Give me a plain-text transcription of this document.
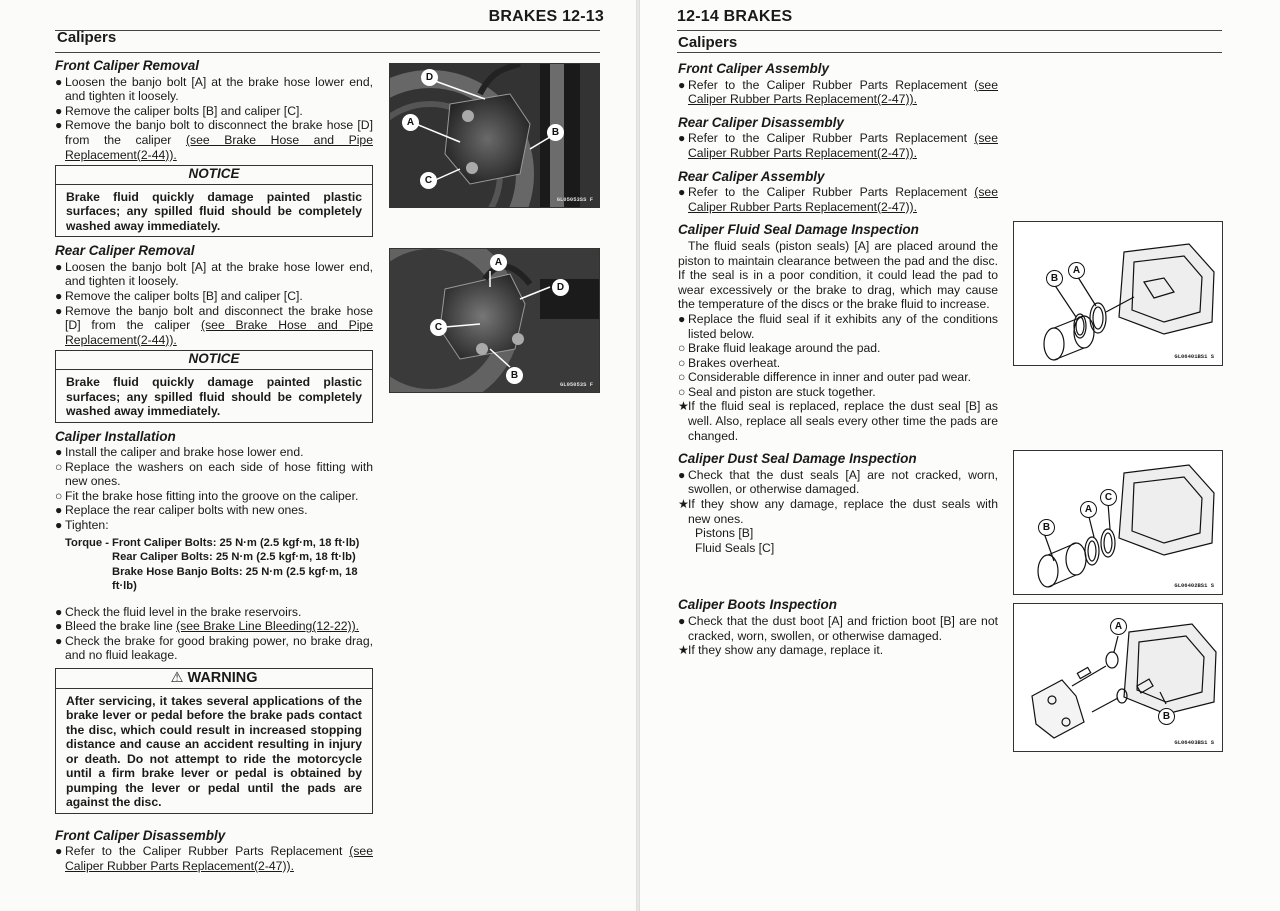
BRAKES 12-13
Calipers
Front Caliper Removal
● Loosen the banjo bolt [A] at the brake hose lower end, and tighten it loosely.
● Remove the caliper bolts [B] and caliper [C].
● Remove the banjo bolt to disconnect the brake hose [D] from the caliper (see Brake Hose and Pipe Replacement(2-44)).
NOTICE
Brake fluid quickly damage painted plastic surfaces; any spilled fluid should be completely washed away immediately.
Rear Caliper Removal
● Loosen the banjo bolt [A] at the brake hose lower end, and tighten it loosely.
● Remove the caliper bolts [B] and caliper [C].
● Remove the banjo bolt and disconnect the brake hose [D] from the caliper (see Brake Hose and Pipe Replacement(2-44)).
NOTICE
Brake fluid quickly damage painted plastic surfaces; any spilled fluid should be completely washed away immediately.
Caliper Installation
● Install the caliper and brake hose lower end.
○ Replace the washers on each side of hose fitting with new ones.
○ Fit the brake hose fitting into the groove on the caliper.
● Replace the rear caliper bolts with new ones.
● Tighten:
Torque - Front Caliper Bolts: 25 N·m (2.5 kgf·m, 18 ft·lb)
Rear Caliper Bolts: 25 N·m (2.5 kgf·m, 18 ft·lb)
Brake Hose Banjo Bolts: 25 N·m (2.5 kgf·m, 18 ft·lb)
● Check the fluid level in the brake reservoirs.
● Bleed the brake line (see Brake Line Bleeding(12-22)).
● Check the brake for good braking power, no brake drag, and no fluid leakage.
⚠ WARNING
After servicing, it takes several applications of the brake lever or pedal before the brake pads contact the disc, which could result in increased stopping distance and cause an accident resulting in injury or death. Do not attempt to ride the motorcycle until a firm brake lever or pedal is obtained by pumping the lever or pedal until the pads are against the disc.
Front Caliper Disassembly
● Refer to the Caliper Rubber Parts Replacement (see Caliper Rubber Parts Replacement(2-47)).
D
A
B
C
GL05053SS F
A
D
C
B
GL05053S F
12-14 BRAKES
Calipers
Front Caliper Assembly
● Refer to the Caliper Rubber Parts Replacement (see Caliper Rubber Parts Replacement(2-47)).
Rear Caliper Disassembly
● Refer to the Caliper Rubber Parts Replacement (see Caliper Rubber Parts Replacement(2-47)).
Rear Caliper Assembly
● Refer to the Caliper Rubber Parts Replacement (see Caliper Rubber Parts Replacement(2-47)).
Caliper Fluid Seal Damage Inspection
The fluid seals (piston seals) [A] are placed around the piston to maintain clearance between the pad and the disc. If the seal is in a poor condition, it could lead the pad to wear excessively or the brake to drag, which may cause the temperature of the discs or the brake fluid to increase.
● Replace the fluid seal if it exhibits any of the conditions listed below.
○ Brake fluid leakage around the pad.
○ Brakes overheat.
○ Considerable difference in inner and outer pad wear.
○ Seal and piston are stuck together.
★ If the fluid seal is replaced, replace the dust seal [B] as well. Also, replace all seals every other time the pads are changed.
Caliper Dust Seal Damage Inspection
● Check that the dust seals [A] are not cracked, worn, swollen, or otherwise damaged.
★ If they show any damage, replace the dust seals with new ones.
Pistons [B]
Fluid Seals [C]
Caliper Boots Inspection
● Check that the dust boot [A] and friction boot [B] are not cracked, worn, swollen, or otherwise damaged.
★ If they show any damage, replace it.
B
A
GL06401BS1 S
B
A
C
GL06402BS1 S
A
B
GL06403BS1 S
